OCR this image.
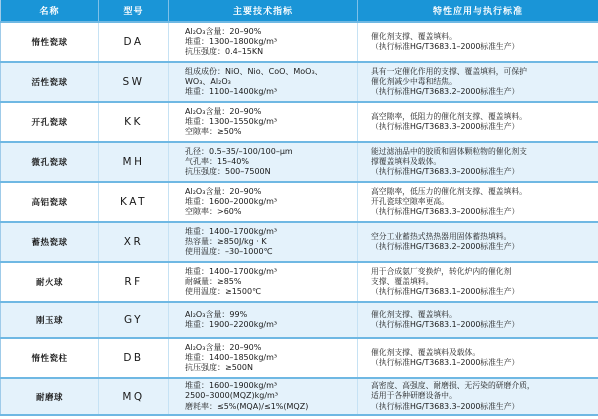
名称	型号	主要技术指标	特性应用与执行标准
惰性瓷球	DA	Al₂O₃含量：20–90%
堆重：1300–1800kg/m³
抗压强度：0.4–15KN	催化剂支撑、覆盖填料。
（执行标准HG/T3683.1–2000标准生产）

活性瓷球	SW	组成成份：NiO、Nio、CoO、MoO₃、
WO₃、Al₂O₃
堆重：1100–1400kg/m³	具有一定催化作用的支撑、覆盖填料，可保护
催化剂减少中毒和结焦。
（执行标准HG/T3683.2–2000标准生产）

开孔瓷球	KK	Al₂O₃含量：20–90%
堆重：1300–1550kg/m³
空隙率：≥50%	高空隙率，低阻力的催化剂支撑、覆盖填料。
（执行标准HG/T3683.3–2000标准生产）

微孔瓷球	MH	孔径：0.5–35/–100/100–μm
气孔率：15–40%
抗压强度：500–7500N	能过滤油品中的胶质和固体颗粒物的催化剂支
撑覆盖填料及载体。
（执行标准HG/T3683.3–2000标准生产）

高铝瓷球	KAT	Al₂O₃含量：20–90%
堆重：1600–2000kg/m³
空隙率：>60%	高空隙率，低压力的催化剂支撑、覆盖填料。
开孔瓷球空隙率更高。
（执行标准HG/T3683.3–2000标准生产）

蓄热瓷球	XR	堆重：1400–1700kg/m³
热容量：≥850J/kg · K
使用温度：–30–1000℃	空分工业蓄热式热热器用固体蓄热填料。
（执行标准HG/T3683.2–2000标准生产）

耐火球	RF	堆重：1400–1700kg/m³
耐碱量：≥85%
使用温度：≥1500℃	用于合成氨厂变换炉，转化炉内的催化剂
支撑、覆盖填料。
（执行标准HG/T3683.1–2000标准生产）

刚玉球	GY	Al₂O₃含量：99%
堆重：1900–2200kg/m³	催化剂支撑、覆盖填料。
（执行标准HG/T3683.1–2000标准生产）

惰性瓷柱	DB	Al₂O₃含量：20–90%
堆重：1400–1850kg/m³
抗压强度：≥500N	催化剂支撑、覆盖填料及载体。
（执行标准HG/T3683.1–2000标准生产）

耐磨球	MQ	堆重：1600–1900kg/m³
2500–3000(MQZ)kg/m³
磨耗率：≤5%(MQA)/≤1%(MQZ)	高密度、高强度、耐磨损、无污染的研磨介质，
适用于各种研磨设备中。
（执行标准HG/T3683.3–2000标准生产）
